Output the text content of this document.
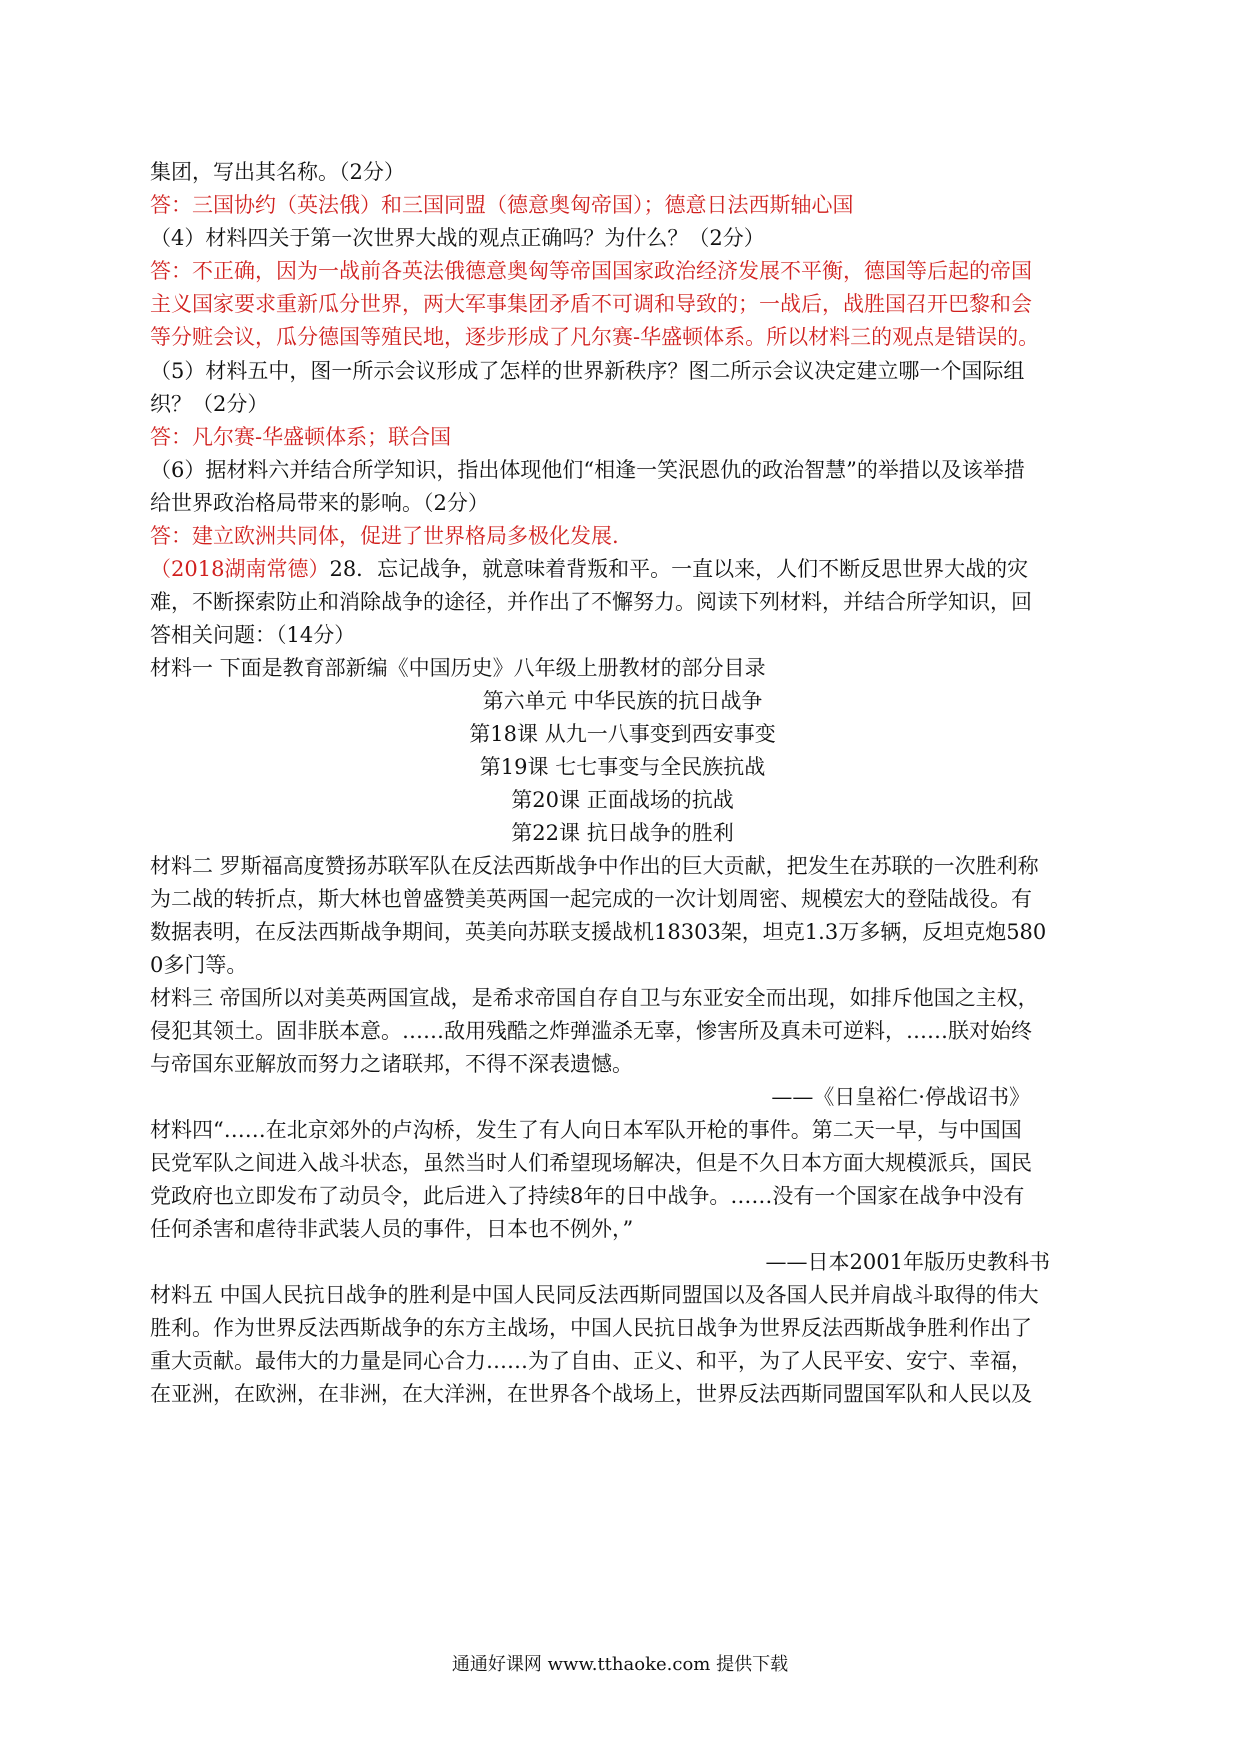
集团，写出其名称。（2分）
答：三国协约（英法俄）和三国同盟（德意奥匈帝国）；德意日法西斯轴心国
（4）材料四关于第一次世界大战的观点正确吗？为什么？（2分）
答：不正确，因为一战前各英法俄德意奥匈等帝国国家政治经济发展不平衡，德国等后起的帝国
主义国家要求重新瓜分世界，两大军事集团矛盾不可调和导致的；一战后，战胜国召开巴黎和会
等分赃会议，瓜分德国等殖民地，逐步形成了凡尔赛-华盛顿体系。所以材料三的观点是错误的。
（5）材料五中，图一所示会议形成了怎样的世界新秩序？图二所示会议决定建立哪一个国际组
织？（2分）
答：凡尔赛-华盛顿体系；联合国
（6）据材料六并结合所学知识，指出体现他们“相逢一笑泯恩仇的政治智慧”的举措以及该举措
给世界政治格局带来的影响。（2分）
答：建立欧洲共同体，促进了世界格局多极化发展.
（2018湖南常德）28．忘记战争，就意味着背叛和平。一直以来，人们不断反思世界大战的灾
难，不断探索防止和消除战争的途径，并作出了不懈努力。阅读下列材料，并结合所学知识，回
答相关问题：（14分）
材料一 下面是教育部新编《中国历史》八年级上册教材的部分目录
第六单元 中华民族的抗日战争
第18课 从九一八事变到西安事变
第19课 七七事变与全民族抗战
第20课 正面战场的抗战
第22课 抗日战争的胜利
材料二 罗斯福高度赞扬苏联军队在反法西斯战争中作出的巨大贡献，把发生在苏联的一次胜利称
为二战的转折点，斯大林也曾盛赞美英两国一起完成的一次计划周密、规模宏大的登陆战役。有
数据表明，在反法西斯战争期间，英美向苏联支援战机18303架，坦克1.3万多辆，反坦克炮580
0多门等。
材料三 帝国所以对美英两国宣战，是希求帝国自存自卫与东亚安全而出现，如排斥他国之主权，
侵犯其领土。固非朕本意。……敌用残酷之炸弹滥杀无辜，惨害所及真未可逆料，……朕对始终
与帝国东亚解放而努力之诸联邦，不得不深表遗憾。
——《日皇裕仁·停战诏书》
材料四“……在北京郊外的卢沟桥，发生了有人向日本军队开枪的事件。第二天一早，与中国国
民党军队之间进入战斗状态，虽然当时人们希望现场解决，但是不久日本方面大规模派兵，国民
党政府也立即发布了动员令，此后进入了持续8年的日中战争。……没有一个国家在战争中没有
任何杀害和虐待非武装人员的事件，日本也不例外，”
——日本2001年版历史教科书
材料五 中国人民抗日战争的胜利是中国人民同反法西斯同盟国以及各国人民并肩战斗取得的伟大
胜利。作为世界反法西斯战争的东方主战场，中国人民抗日战争为世界反法西斯战争胜利作出了
重大贡献。最伟大的力量是同心合力……为了自由、正义、和平，为了人民平安、安宁、幸福，
在亚洲，在欧洲，在非洲，在大洋洲，在世界各个战场上，世界反法西斯同盟国军队和人民以及
通通好课网 www.tthaoke.com 提供下载
